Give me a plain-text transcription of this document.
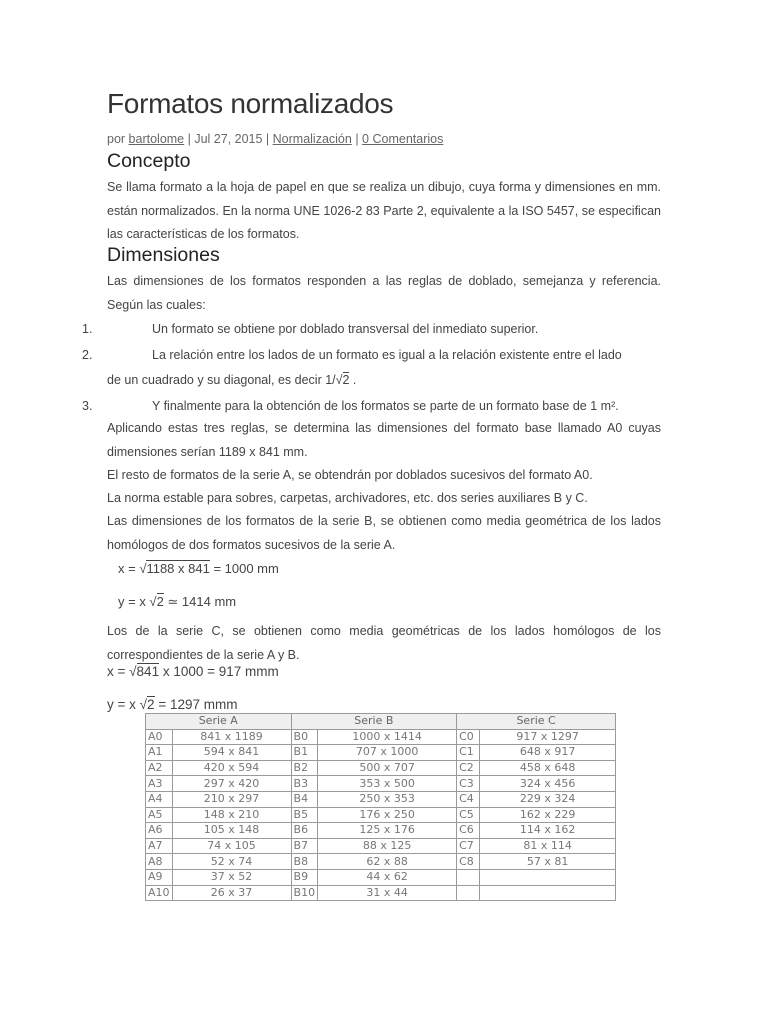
Formatos normalizados
por bartolome | Jul 27, 2015 | Normalización | 0 Comentarios
Concepto

Se llama formato a la hoja de papel en que se realiza un dibujo, cuya forma y dimensiones en mm. están normalizados. En la norma UNE 1026-2 83 Parte 2, equivalente a la ISO 5457, se especifican las características de los formatos.

Dimensiones

Las dimensiones de los formatos responden a las reglas de doblado, semejanza y referencia. Según las cuales:

1.	Un formato se obtiene por doblado transversal del inmediato superior.
2.	La relación entre los lados de un formato es igual a la relación existente entre el lado
de un cuadrado y su diagonal, es decir 1/√2 .
3.	Y finalmente para la obtención de los formatos se parte de un formato base de 1 m².

Aplicando estas tres reglas, se determina las dimensiones del formato base llamado A0 cuyas dimensiones serían 1189 x 841 mm.

El resto de formatos de la serie A, se obtendrán por doblados sucesivos del formato A0.

La norma estable para sobres, carpetas, archivadores, etc. dos series auxiliares B y C.

Las dimensiones de los formatos de la serie B, se obtienen como media geométrica de los lados homólogos de dos formatos sucesivos de la serie A.

x = √1188 x 841 = 1000 mm
y = x √2 ≃ 1414 mm

Los de la serie C, se obtienen como media geométricas de los lados homólogos de los correspondientes de la serie A y B.

x = √841 x 1000 = 917 mmm
y = x √2 = 1297 mmm
Serie A		Serie B		Serie C	
A0	841 x 1189	B0	1000 x 1414	C0	917 x 1297
A1	594 x 841	B1	707 x 1000	C1	648 x 917
A2	420 x 594	B2	500 x 707	C2	458 x 648
A3	297 x 420	B3	353 x 500	C3	324 x 456
A4	210 x 297	B4	250 x 353	C4	229 x 324
A5	148 x 210	B5	176 x 250	C5	162 x 229
A6	105 x 148	B6	125 x 176	C6	114 x 162
A7	74 x 105	B7	88 x 125	C7	81 x 114
A8	52 x 74	B8	62 x 88	C8	57 x 81
A9	37 x 52	B9	44 x 62		
A10	26 x 37	B10	31 x 44		
